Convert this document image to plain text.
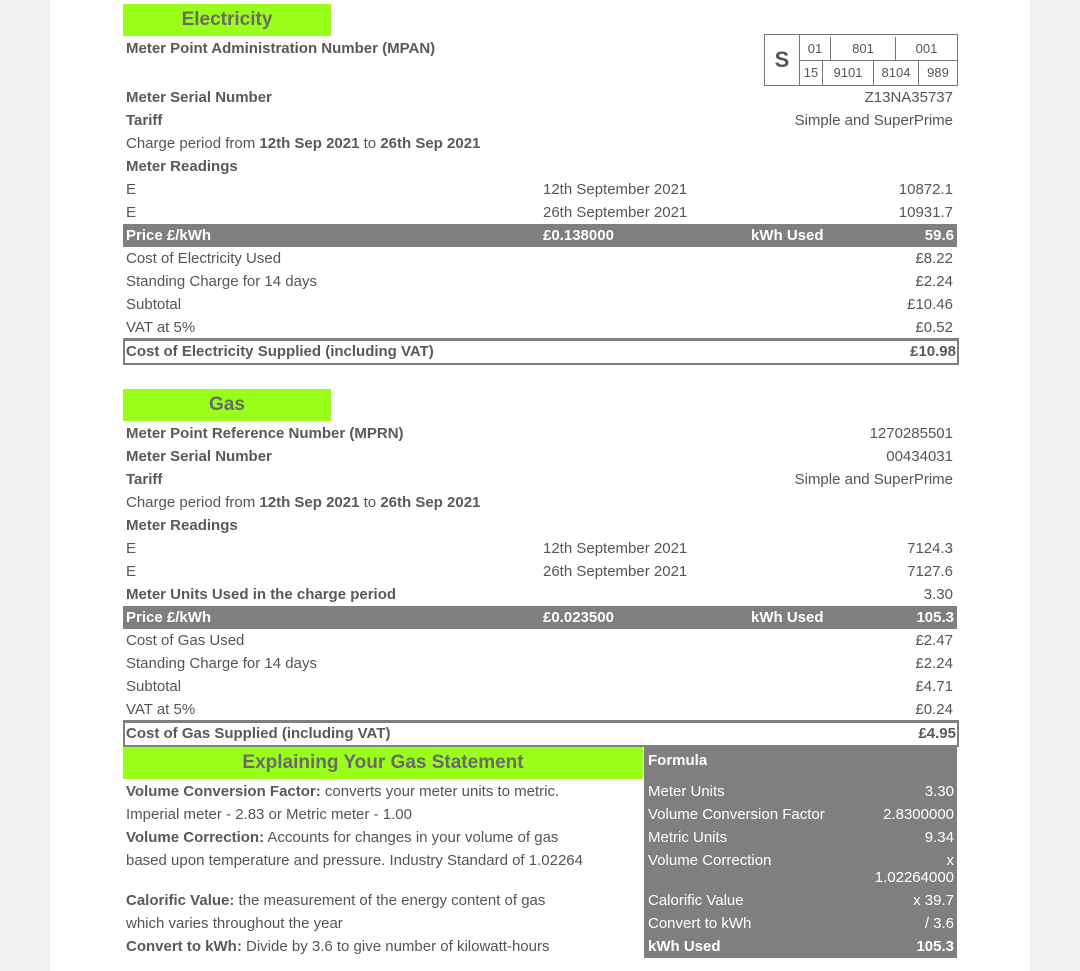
Electricity
Meter Point Administration Number (MPAN)	S	01	801	001
15	9101	8104	989
Meter Serial Number	Z13NA35737
Tariff	Simple and SuperPrime
Charge period from 12th Sep 2021 to 26th Sep 2021
Meter Readings
E	12th September 2021	10872.1
E	26th September 2021	10931.7
Price £/kWh	£0.138000	kWh Used	59.6
Cost of Electricity Used	£8.22
Standing Charge for 14 days	£2.24
Subtotal	£10.46
VAT at 5%	£0.52
Cost of Electricity Supplied (including VAT)	£10.98
Gas
Meter Point Reference Number (MPRN)	1270285501
Meter Serial Number	00434031
Tariff	Simple and SuperPrime
Charge period from 12th Sep 2021 to 26th Sep 2021
Meter Readings
E	12th September 2021	7124.3
E	26th September 2021	7127.6
Meter Units Used in the charge period	3.30
Price £/kWh	£0.023500	kWh Used	105.3
Cost of Gas Used	£2.47
Standing Charge for 14 days	£2.24
Subtotal	£4.71
VAT at 5%	£0.24
Cost of Gas Supplied (including VAT)	£4.95
Explaining Your Gas Statement
Volume Conversion Factor: converts your meter units to metric.
Imperial meter - 2.83 or Metric meter - 1.00
Volume Correction: Accounts for changes in your volume of gas
based upon temperature and pressure. Industry Standard of 1.02264
Calorific Value: the measurement of the energy content of gas
which varies throughout the year
Convert to kWh: Divide by 3.6 to give number of kilowatt-hours
Formula
Meter Units	3.30
Volume Conversion Factor	2.8300000
Metric Units	9.34
Volume Correction	x
1.02264000
Calorific Value	x 39.7
Convert to kWh	/ 3.6
kWh Used	105.3
